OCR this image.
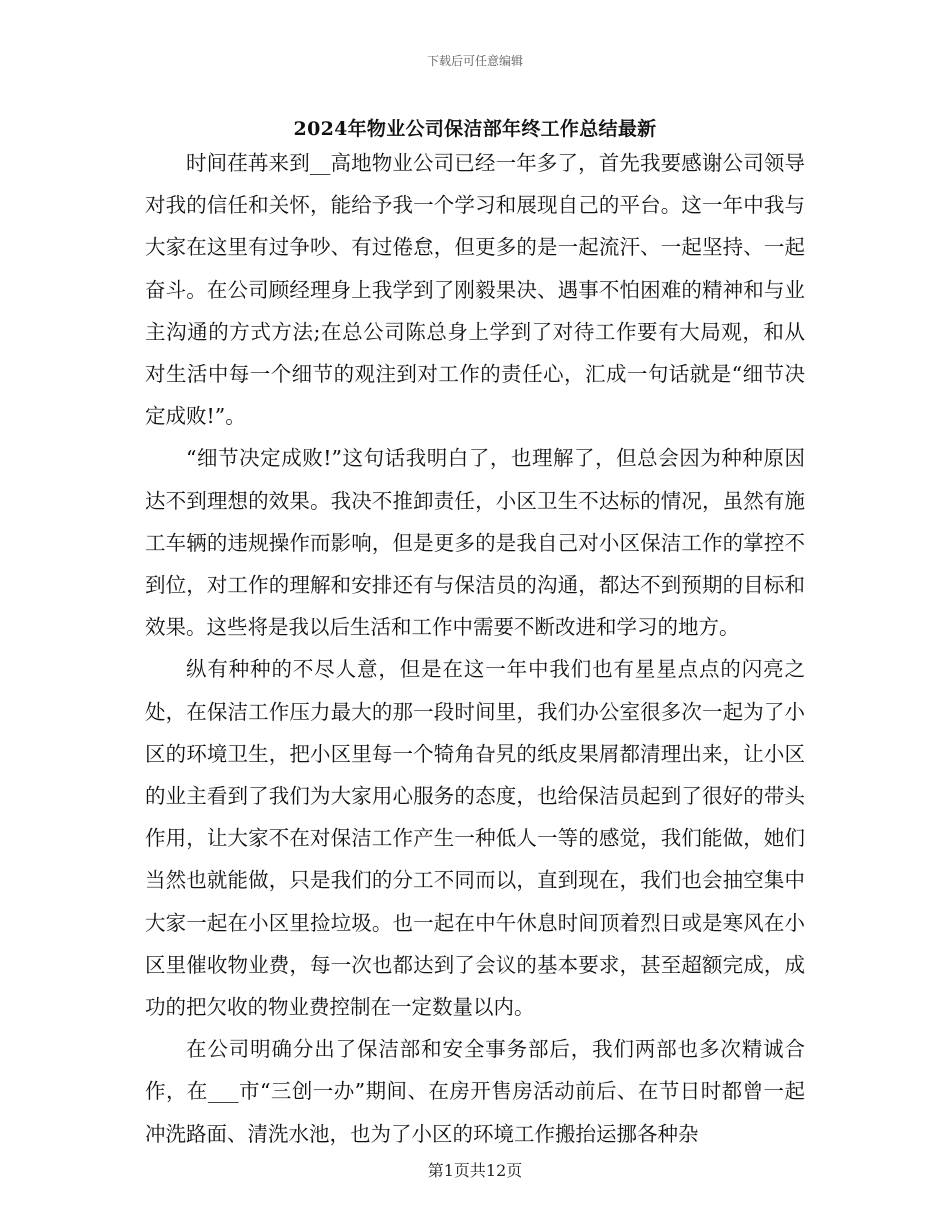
下载后可任意编辑
2024年物业公司保洁部年终工作总结最新

时间荏苒来到__高地物业公司已经一年多了，首先我要感谢公司领导对我的信任和关怀，能给予我一个学习和展现自己的平台。这一年中我与大家在这里有过争吵、有过倦怠，但更多的是一起流汗、一起坚持、一起奋斗。在公司顾经理身上我学到了刚毅果决、遇事不怕困难的精神和与业主沟通的方式方法;在总公司陈总身上学到了对待工作要有大局观，和从对生活中每一个细节的观注到对工作的责任心，汇成一句话就是“细节决定成败!”。

“细节决定成败!”这句话我明白了，也理解了，但总会因为种种原因达不到理想的效果。我决不推卸责任，小区卫生不达标的情况，虽然有施工车辆的违规操作而影响，但是更多的是我自己对小区保洁工作的掌控不到位，对工作的理解和安排还有与保洁员的沟通，都达不到预期的目标和效果。这些将是我以后生活和工作中需要不断改进和学习的地方。

纵有种种的不尽人意，但是在这一年中我们也有星星点点的闪亮之处，在保洁工作压力最大的那一段时间里，我们办公室很多次一起为了小区的环境卫生，把小区里每一个犄角旮旯的纸皮果屑都清理出来，让小区的业主看到了我们为大家用心服务的态度，也给保洁员起到了很好的带头作用，让大家不在对保洁工作产生一种低人一等的感觉，我们能做，她们当然也就能做，只是我们的分工不同而以，直到现在，我们也会抽空集中大家一起在小区里捡垃圾。也一起在中午休息时间顶着烈日或是寒风在小区里催收物业费，每一次也都达到了会议的基本要求，甚至超额完成，成功的把欠收的物业费控制在一定数量以内。

在公司明确分出了保洁部和安全事务部后，我们两部也多次精诚合作，在___市“三创一办”期间、在房开售房活动前后、在节日时都曾一起冲洗路面、清洗水池，也为了小区的环境工作搬抬运挪各种杂

第1页共12页
